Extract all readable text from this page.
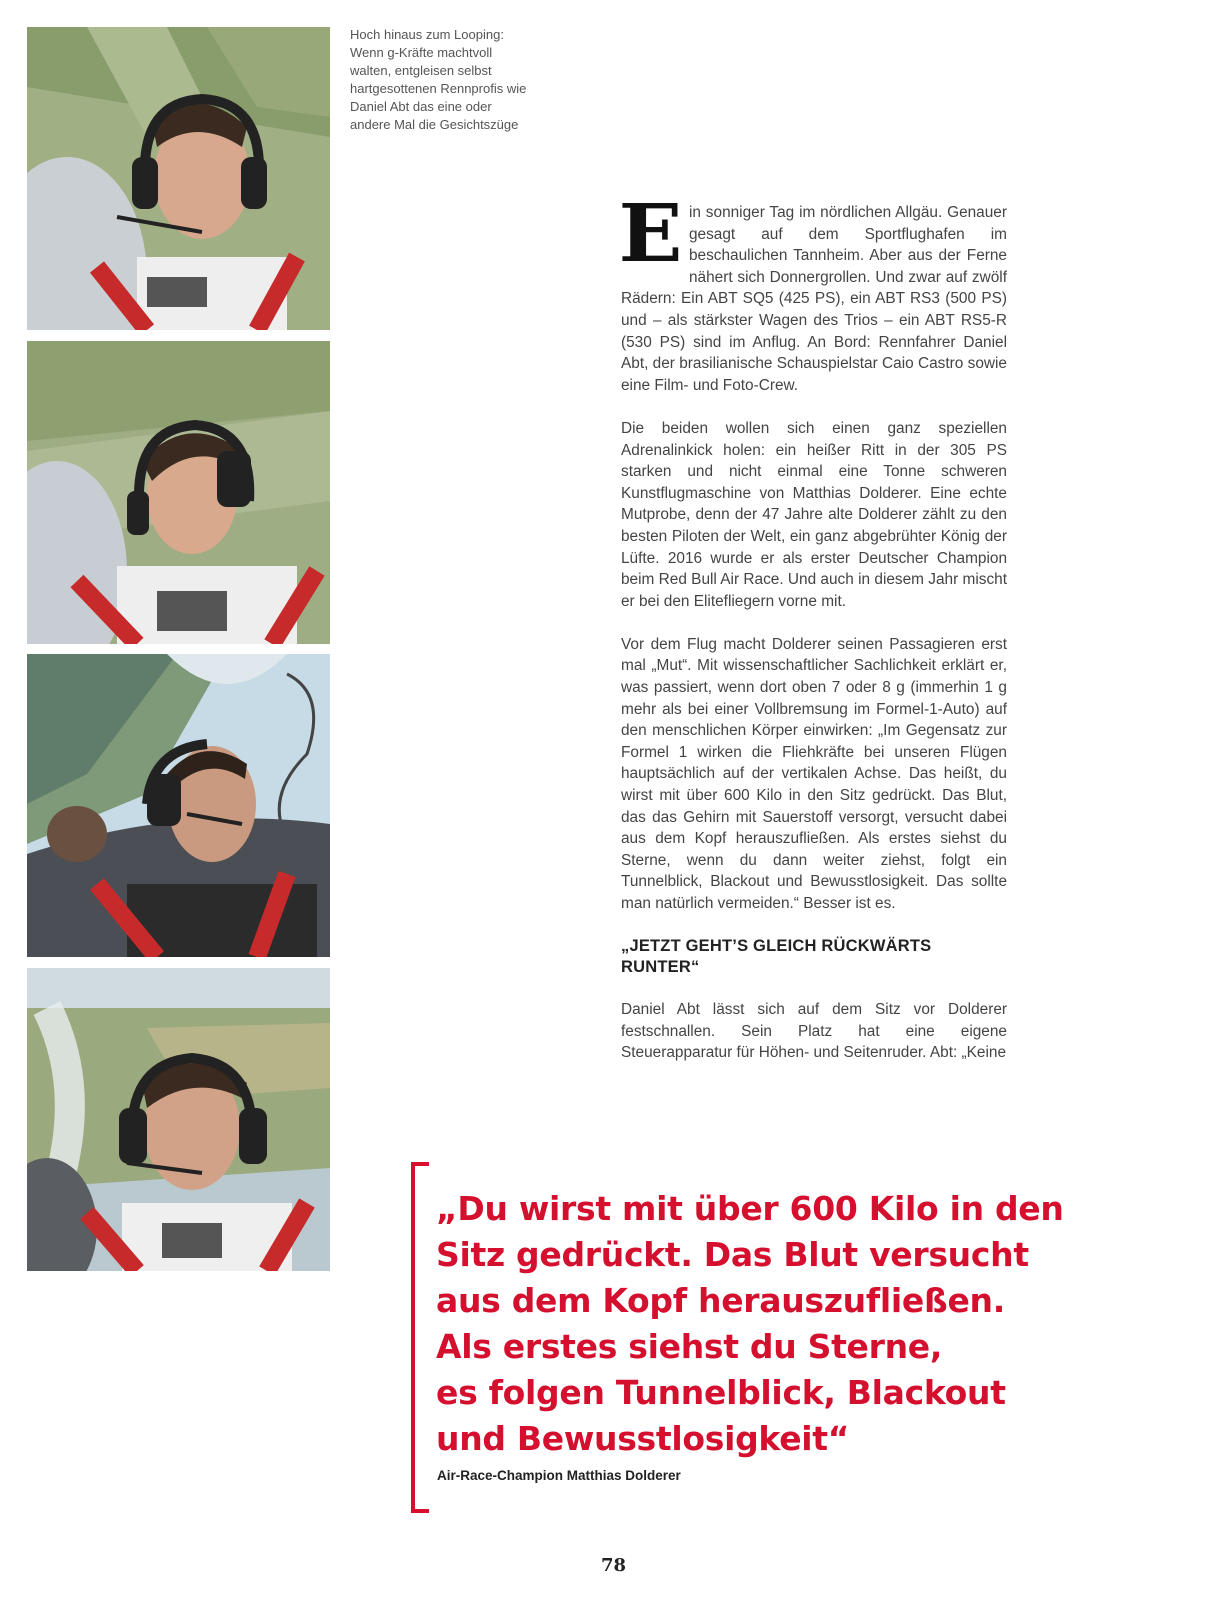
Hoch hinaus zum Looping: Wenn g-Kräfte machtvoll walten, entgleisen selbst hartgesottenen Rennprofis wie Daniel Abt das eine oder andere Mal die Gesichtszüge

Ein sonniger Tag im nördlichen Allgäu. Genauer gesagt auf dem Sportflughafen im beschaulichen Tannheim. Aber aus der Ferne nähert sich Donnergrollen. Und zwar auf zwölf Rädern: Ein ABT SQ5 (425 PS), ein ABT RS3 (500 PS) und – als stärkster Wagen des Trios – ein ABT RS5-R (530 PS) sind im Anflug. An Bord: Rennfahrer Daniel Abt, der brasilianische Schauspielstar Caio Castro sowie eine Film- und Foto-Crew.

Die beiden wollen sich einen ganz speziellen Adrenalinkick holen: ein heißer Ritt in der 305 PS starken und nicht einmal eine Tonne schweren Kunstflugmaschine von Matthias Dolderer. Eine echte Mutprobe, denn der 47 Jahre alte Dolderer zählt zu den besten Piloten der Welt, ein ganz abgebrühter König der Lüfte. 2016 wurde er als erster Deutscher Champion beim Red Bull Air Race. Und auch in diesem Jahr mischt er bei den Elitefliegern vorne mit.

Vor dem Flug macht Dolderer seinen Passagieren erst mal „Mut“. Mit wissenschaftlicher Sachlichkeit erklärt er, was passiert, wenn dort oben 7 oder 8 g (immerhin 1 g mehr als bei einer Vollbremsung im Formel-1-Auto) auf den menschlichen Körper einwirken: „Im Gegensatz zur Formel 1 wirken die Fliehkräfte bei unseren Flügen hauptsächlich auf der vertikalen Achse. Das heißt, du wirst mit über 600 Kilo in den Sitz gedrückt. Das Blut, das das Gehirn mit Sauerstoff versorgt, versucht dabei aus dem Kopf herauszufließen. Als erstes siehst du Sterne, wenn du dann weiter ziehst, folgt ein Tunnelblick, Blackout und Bewusstlosigkeit. Das sollte man natürlich vermeiden.“ Besser ist es.

„JETZT GEHT’S GLEICH RÜCKWÄRTS RUNTER“

Daniel Abt lässt sich auf dem Sitz vor Dolderer festschnallen. Sein Platz hat eine eigene Steuerapparatur für Höhen- und Seitenruder. Abt: „Keine

„Du wirst mit über 600 Kilo in den
Sitz gedrückt. Das Blut versucht
aus dem Kopf herauszufließen.
Als erstes siehst du Sterne,
es folgen Tunnelblick, Blackout
und Bewusstlosigkeit“
Air-Race-Champion Matthias Dolderer
78
